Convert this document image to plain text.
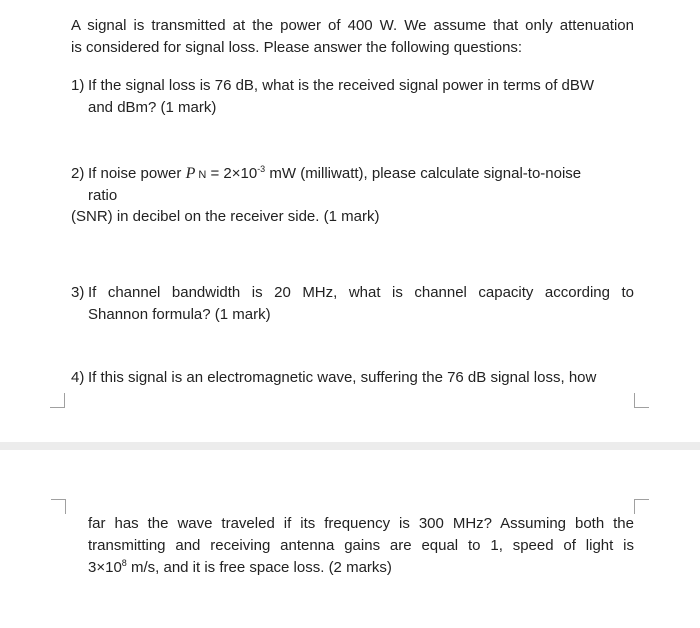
A signal is transmitted at the power of 400 W. We assume that only attenuation
is considered for signal loss. Please answer the following questions:
1) If the signal loss is 76 dB, what is the received signal power in terms of dBW
and dBm? (1 mark)
2) If noise power P $N = 2\times 10^{-3}$ mW (milliwatt), please calculate signal-to-noise
ratio
(SNR) in decibel on the receiver side. (1 mark)
3) If channel bandwidth is 20 MHz, what is channel capacity according to
Shannon formula? (1 mark)
4) If this signal is an electromagnetic wave, suffering the 76 dB signal loss, how
far has the wave traveled if its frequency is 300 MHz? Assuming both the
transmitting and receiving antenna gains are equal to 1, speed of light is
$3\times 10^8$ m/s, and it is free space loss. (2 marks)
